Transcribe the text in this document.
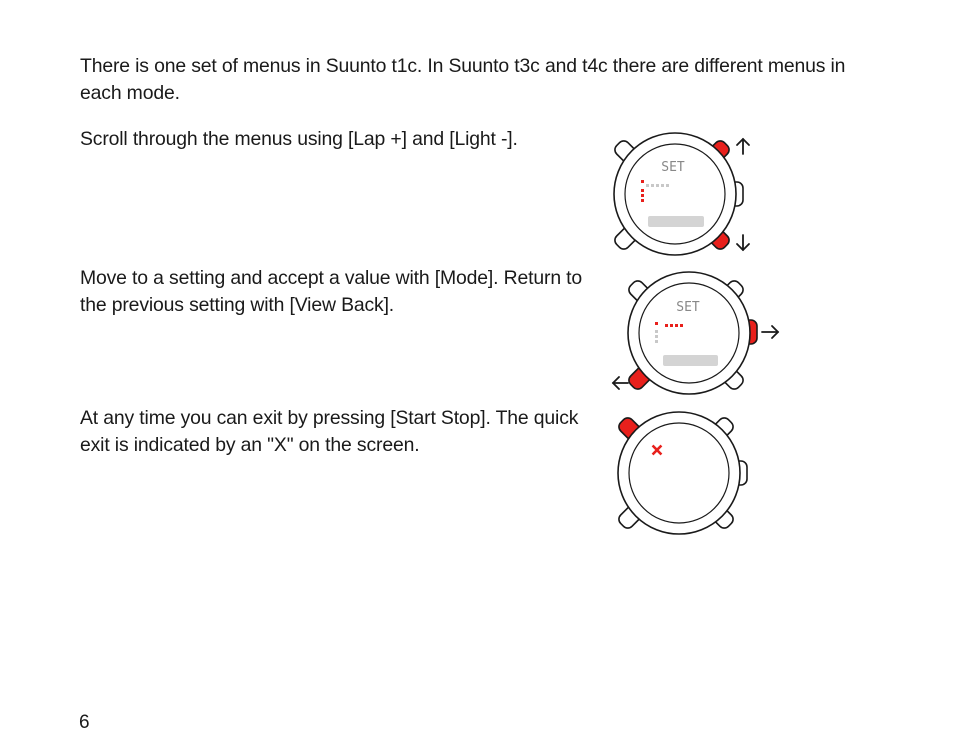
There is one set of menus in Suunto t1c. In Suunto t3c and t4c there are different menus in each mode.

Scroll through the menus using [Lap +] and [Light -].

Move to a setting and accept a value with [Mode]. Return to the previous setting with [View Back].

At any time you can exit by pressing [Start Stop]. The quick exit is indicated by an "X" on the screen.

SET
SET
×
6
